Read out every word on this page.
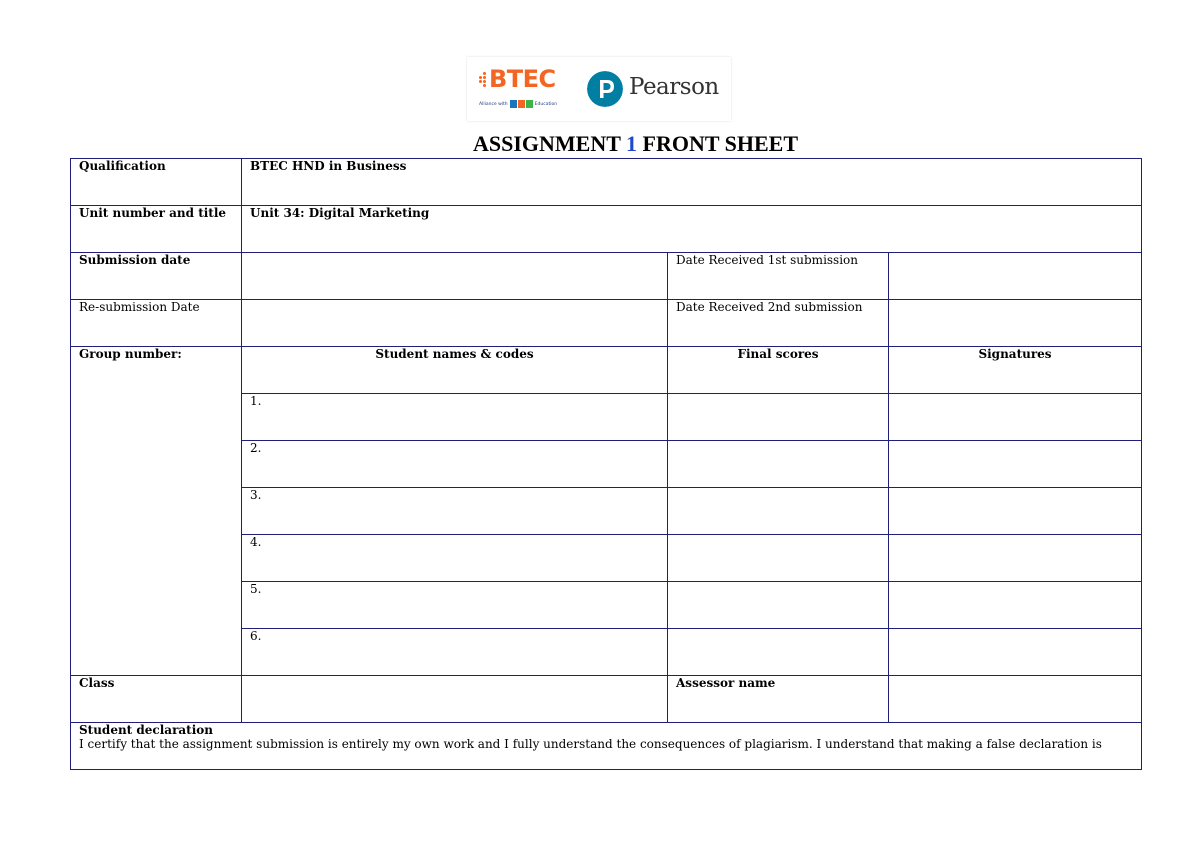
BTEC
Alliance with	Education
Pearson
ASSIGNMENT 1 FRONT SHEET
Qualification	BTEC HND in Business		
Unit number and title	Unit 34: Digital Marketing		
Submission date		Date Received 1st submission	
Re-submission Date		Date Received 2nd submission	
Group number:	Student names & codes	Final scores	Signatures
	1.		
	2.		
	3.		
	4.		
	5.		
	6.		
Class		Assessor name	

Student declaration
I certify that the assignment submission is entirely my own work and I fully understand the consequences of plagiarism. I understand that making a false declaration is			
